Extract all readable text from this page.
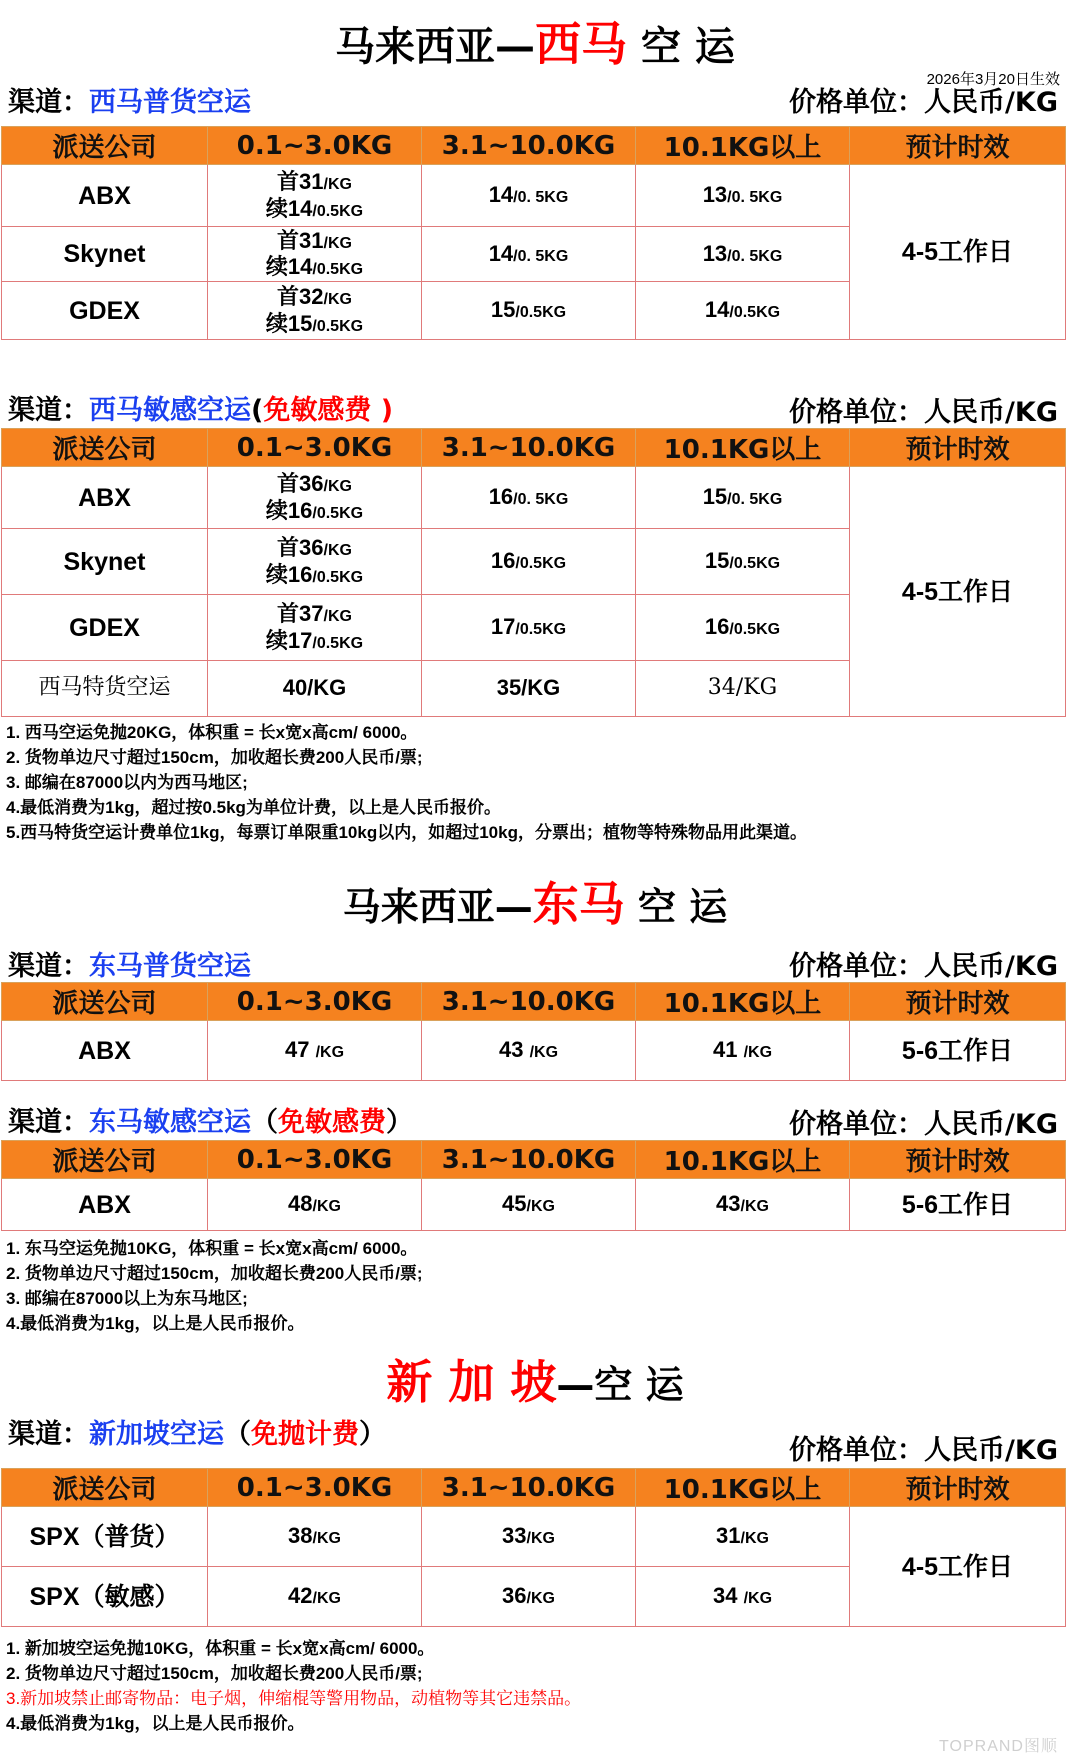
马来西亚—西马 空 运
2026年3月20日生效
渠道：西马普货空运	价格单位：人民币/KG
派送公司	0.1~3.0KG	3.1~10.0KG	10.1KG以上	预计时效
ABX	首31/KG
续14/0.5KG	14/0. 5KG	13/0. 5KG	4-5工作日
Skynet	首31/KG
续14/0.5KG	14/0. 5KG	13/0. 5KG	
GDEX	首32/KG
续15/0.5KG	15/0.5KG	14/0.5KG	
渠道：西马敏感空运(免敏感费 )	价格单位：人民币/KG
派送公司	0.1~3.0KG	3.1~10.0KG	10.1KG以上	预计时效
ABX	首36/KG
续16/0.5KG	16/0. 5KG	15/0. 5KG	4-5工作日
Skynet	首36/KG
续16/0.5KG	16/0.5KG	15/0.5KG	
GDEX	首37/KG
续17/0.5KG	17/0.5KG	16/0.5KG	
西马特货空运	40/KG	35/KG	34/KG	
1. 西马空运免抛20KG，体积重 = 长x宽x高cm/ 6000。
2. 货物单边尺寸超过150cm，加收超长费200人民币/票;
3. 邮编在87000以内为西马地区;
4.最低消费为1kg，超过按0.5kg为单位计费，以上是人民币报价。
5.西马特货空运计费单位1kg，每票订单限重10kg以内，如超过10kg，分票出；植物等特殊物品用此渠道。
马来西亚—东马 空 运
渠道：东马普货空运	价格单位：人民币/KG
派送公司	0.1~3.0KG	3.1~10.0KG	10.1KG以上	预计时效
ABX	47 /KG	43 /KG	41 /KG	5-6工作日
渠道：东马敏感空运（免敏感费）	价格单位：人民币/KG
派送公司	0.1~3.0KG	3.1~10.0KG	10.1KG以上	预计时效
ABX	48/KG	45/KG	43/KG	5-6工作日
1. 东马空运免抛10KG，体积重 = 长x宽x高cm/ 6000。
2. 货物单边尺寸超过150cm，加收超长费200人民币/票;
3. 邮编在87000以上为东马地区;
4.最低消费为1kg，以上是人民币报价。
新 加 坡—空 运
渠道：新加坡空运（免抛计费）
价格单位：人民币/KG
派送公司	0.1~3.0KG	3.1~10.0KG	10.1KG以上	预计时效
SPX（普货）	38/KG	33/KG	31/KG	4-5工作日
SPX（敏感）	42/KG	36/KG	34 /KG	
1. 新加坡空运免抛10KG，体积重 = 长x宽x高cm/ 6000。
2. 货物单边尺寸超过150cm，加收超长费200人民币/票;
3.新加坡禁止邮寄物品：电子烟，伸缩棍等警用物品，动植物等其它违禁品。
4.最低消费为1kg，以上是人民币报价。
TOPRAND图顺
